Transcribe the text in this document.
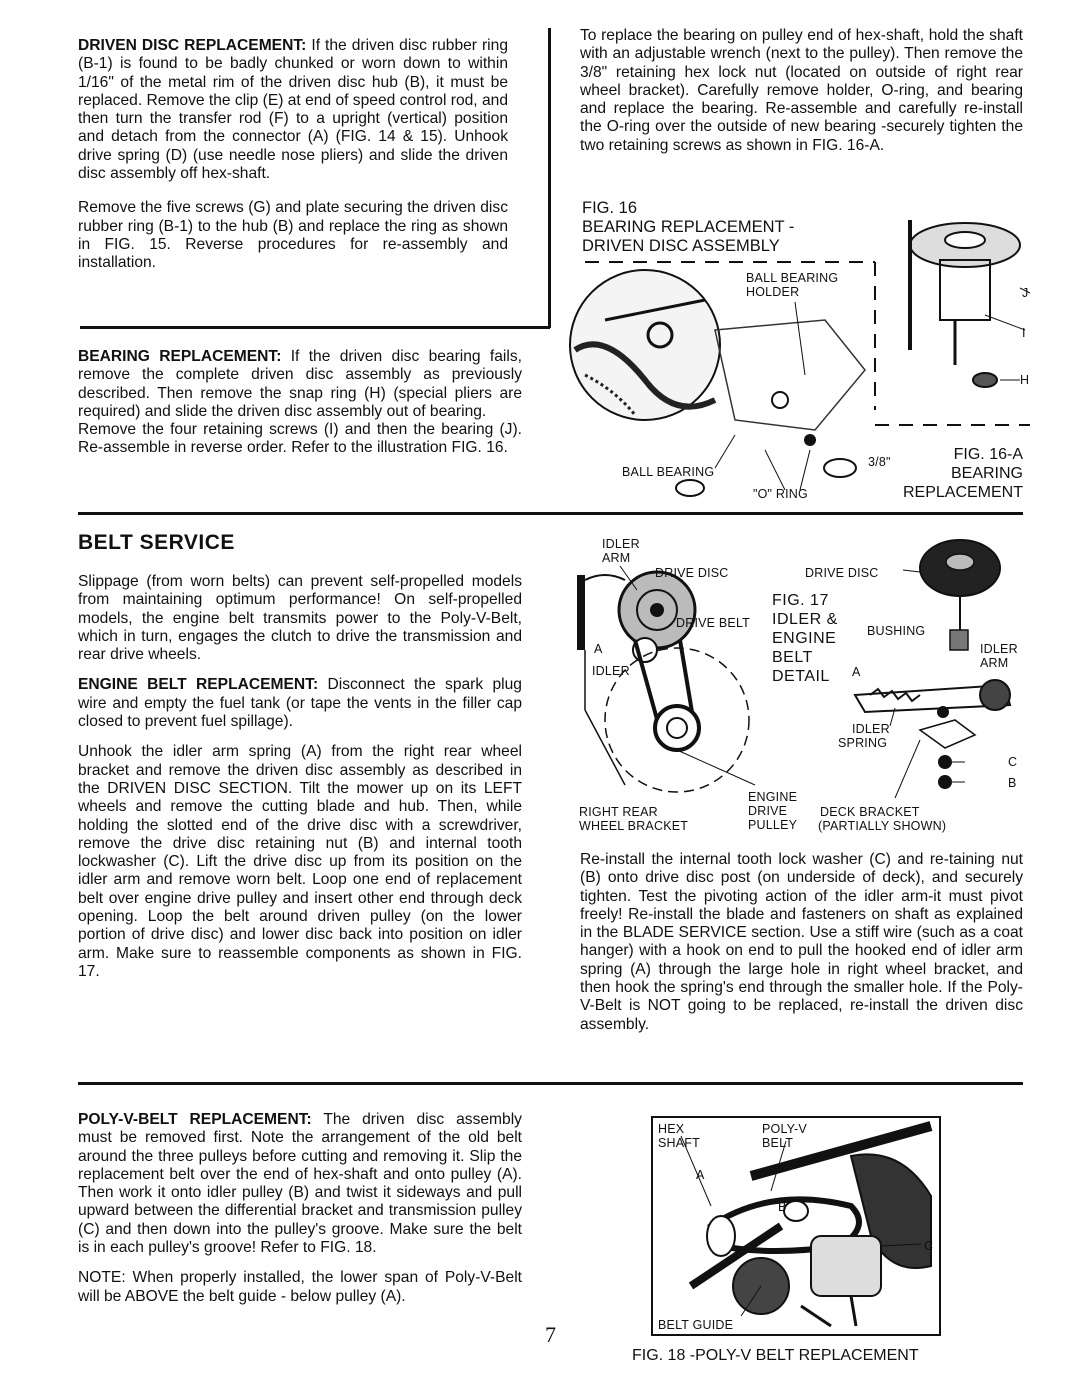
DRIVEN DISC REPLACEMENT: If the driven disc rubber ring (B-1) is found to be badly chunked or worn down to within 1/16" of the metal rim of the driven disc hub (B), it must be replaced. Remove the clip (E) at end of speed control rod, and then turn the transfer rod (F) to a upright (vertical) position and detach from the connector (A) (FIG. 14 & 15). Unhook drive spring (D) (use needle nose pliers) and slide the driven disc assembly off hex-shaft.

Remove the five screws (G) and plate securing the driven disc rubber ring (B-1) to the hub (B) and replace the ring as shown in FIG. 15. Reverse procedures for re-assembly and installation.

BEARING REPLACEMENT: If the driven disc bearing fails, remove the complete driven disc assembly as previously described. Then remove the snap ring (H) (special pliers are required) and slide the driven disc assembly out of bearing.

Remove the four retaining screws (I) and then the bearing (J). Re-assemble in reverse order. Refer to the illustration FIG. 16.

BELT SERVICE

Slippage (from worn belts) can prevent self-propelled models from maintaining optimum performance! On self-propelled models, the engine belt transmits power to the Poly-V-Belt, which in turn, engages the clutch to drive the transmission and rear drive wheels.

ENGINE BELT REPLACEMENT: Disconnect the spark plug wire and empty the fuel tank (or tape the vents in the filler cap closed to prevent fuel spillage).

Unhook the idler arm spring (A) from the right rear wheel bracket and remove the driven disc assembly as described in the DRIVEN DISC SECTION. Tilt the mower up on its LEFT wheels and remove the cutting blade and hub. Then, while holding the slotted end of the drive disc with a screwdriver, remove the drive disc retaining nut (B) and internal tooth lockwasher (C). Lift the drive disc up from its position on the idler arm and remove worn belt. Loop one end of replacement belt over engine drive pulley and insert other end through deck opening. Loop the belt around driven pulley (on the lower portion of drive disc) and lower disc back into position on idler arm. Make sure to reassemble components as shown in FIG. 17.

POLY-V-BELT REPLACEMENT: The driven disc assembly must be removed first. Note the arrangement of the old belt around the three pulleys before cutting and removing it. Slip the replacement belt over the end of hex-shaft and onto pulley (A). Then work it onto idler pulley (B) and twist it sideways and pull upward between the differential bracket and transmission pulley (C) and then down into the pulley's groove. Make sure the belt is in each pulley's groove! Refer to FIG. 18.

NOTE: When properly installed, the lower span of Poly-V-Belt will be ABOVE the belt guide - below pulley (A).

7

To replace the bearing on pulley end of hex-shaft, hold the shaft with an adjustable wrench (next to the pulley). Then remove the 3/8" retaining hex lock nut (located on outside of right rear wheel bracket). Carefully remove holder, O-ring, and bearing and replace the bearing. Re-assemble and carefully re-install the O-ring over the outside of new bearing -securely tighten the two retaining screws as shown in FIG. 16-A.

FIG. 16
BEARING REPLACEMENT -
DRIVEN DISC ASSEMBLY
BALL BEARING
HOLDER	J
I
H
BALL BEARING
"O" RING
3/8"	FIG. 16-A
BEARING
REPLACEMENT
IDLER
ARM
DRIVE DISC
DRIVE BELT
A
IDLER
FIG. 17
IDLER &
ENGINE
BELT
DETAIL
DRIVE DISC
BUSHING
IDLER
ARM
A
IDLER
SPRING
C
B
RIGHT REAR
WHEEL BRACKET
ENGINE
DRIVE
PULLEY
DECK BRACKET
(PARTIALLY SHOWN)

Re-install the internal tooth lock washer (C) and re-taining nut (B) onto drive disc post (on underside of deck), and securely tighten. Test the pivoting action of the idler arm-it must pivot freely! Re-install the blade and fasteners on shaft as explained in the BLADE SERVICE section. Use a stiff wire (such as a coat hanger) with a hook on end to pull the hooked end of idler arm spring (A) through the large hole in right wheel bracket, and then hook the spring's end through the smaller hole. If the Poly-V-Belt is NOT going to be replaced, re-install the driven disc assembly.

HEX
SHAFT
POLY-V
BELT
A
B
C
BELT GUIDE
FIG. 18 -POLY-V BELT REPLACEMENT
